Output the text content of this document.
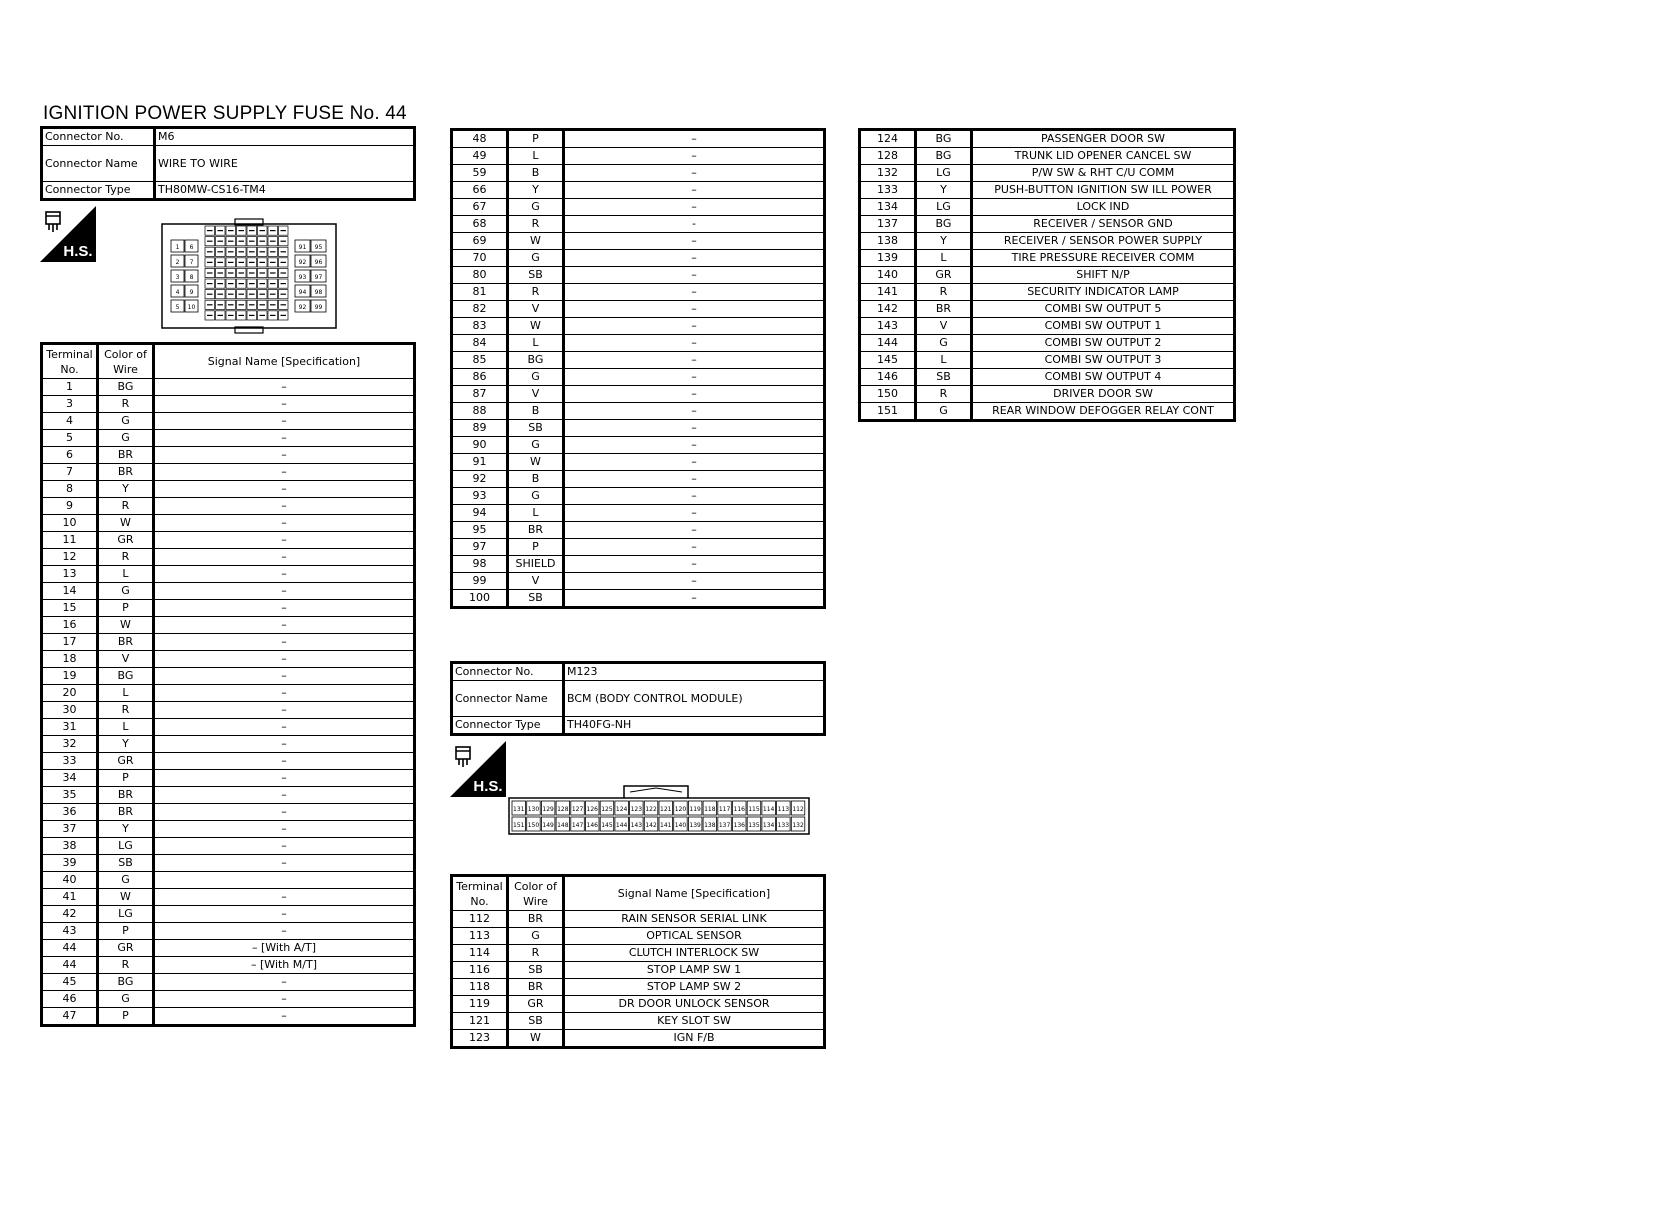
IGNITION POWER SUPPLY FUSE No. 44
Connector No.	M6
Connector Name	WIRE TO WIRE
Connector Type	TH80MW-CS16-TM4
H.S.	1 6
2 7
3 8
4 9
5 10
91 95
92 96
93 97
94 98
92 99
Terminal No.	Color of Wire	Signal Name [Specification]
1	BG	–
3	R	–
4	G	–
5	G	–
6	BR	–
7	BR	–
8	Y	–
9	R	–
10	W	–
11	GR	–
12	R	–
13	L	–
14	G	–
15	P	–
16	W	–
17	BR	–
18	V	–
19	BG	–
20	L	–
30	R	–
31	L	–
32	Y	–
33	GR	–
34	P	–
35	BR	–
36	BR	–
37	Y	–
38	LG	–
39	SB	–
40	G	
41	W	–
42	LG	–
43	P	–
44	GR	– [With A/T]
44	R	– [With M/T]
45	BG	–
46	G	–
47	P	–
48	P	–
49	L	–
59	B	–
66	Y	–
67	G	–
68	R	-
69	W	–
70	G	–
80	SB	–
81	R	–
82	V	–
83	W	–
84	L	–
85	BG	–
86	G	–
87	V	–
88	B	–
89	SB	–
90	G	–
91	W	–
92	B	–
93	G	–
94	L	–
95	BR	–
97	P	–
98	SHIELD	–
99	V	–
100	SB	–
Connector No.	M123
Connector Name	BCM (BODY CONTROL MODULE)
Connector Type	TH40FG-NH
H.S.
131 130 129 128 127 126 125 124 123 122 121 120 119 118 117 116 115 114 113 112
151 150 149 148 147 146 145 144 143 142 141 140 139 138 137 136 135 134 133 132
Terminal No.	Color of Wire	Signal Name [Specification]
112	BR	RAIN SENSOR SERIAL LINK
113	G	OPTICAL SENSOR
114	R	CLUTCH INTERLOCK SW
116	SB	STOP LAMP SW 1
118	BR	STOP LAMP SW 2
119	GR	DR DOOR UNLOCK SENSOR
121	SB	KEY SLOT SW
123	W	IGN F/B
124	BG	PASSENGER DOOR SW
128	BG	TRUNK LID OPENER CANCEL SW
132	LG	P/W SW & RHT C/U COMM
133	Y	PUSH-BUTTON IGNITION SW ILL POWER
134	LG	LOCK IND
137	BG	RECEIVER / SENSOR GND
138	Y	RECEIVER / SENSOR POWER SUPPLY
139	L	TIRE PRESSURE RECEIVER COMM
140	GR	SHIFT N/P
141	R	SECURITY INDICATOR LAMP
142	BR	COMBI SW OUTPUT 5
143	V	COMBI SW OUTPUT 1
144	G	COMBI SW OUTPUT 2
145	L	COMBI SW OUTPUT 3
146	SB	COMBI SW OUTPUT 4
150	R	DRIVER DOOR SW
151	G	REAR WINDOW DEFOGGER RELAY CONT
